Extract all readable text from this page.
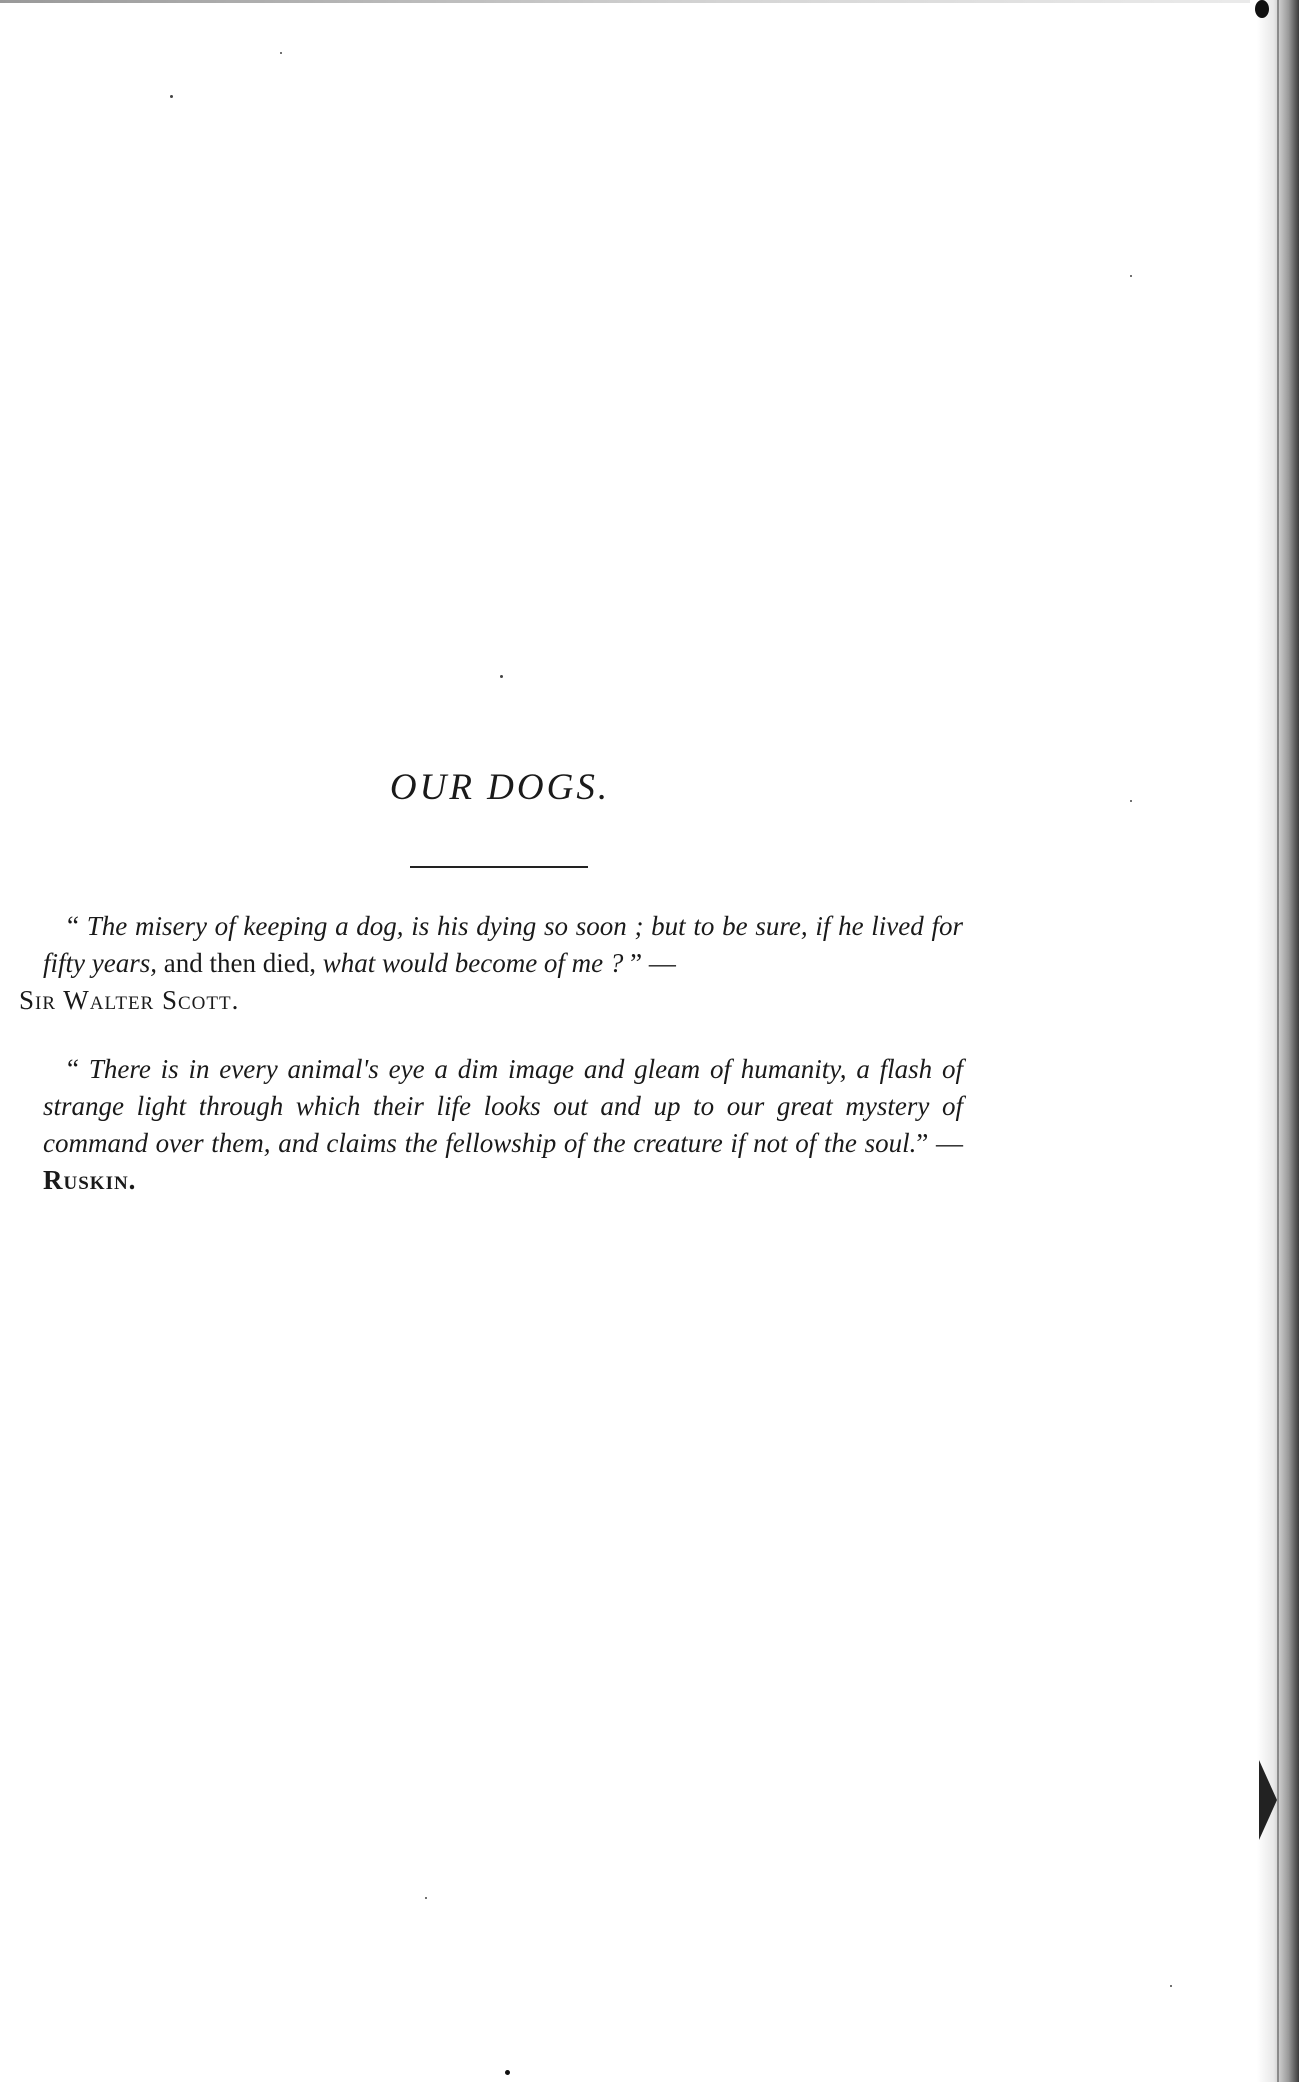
OUR DOGS.

“ The misery of keeping a dog, is his dying so soon ; but to be sure, if he lived for fifty years, and then died, what would become of me ? ” —
Sir Walter Scott.

“ There is in every animal's eye a dim image and gleam of humanity, a flash of strange light through which their life looks out and up to our great mystery of command over them, and claims the fellowship of the creature if not of the soul.” — Ruskin.
